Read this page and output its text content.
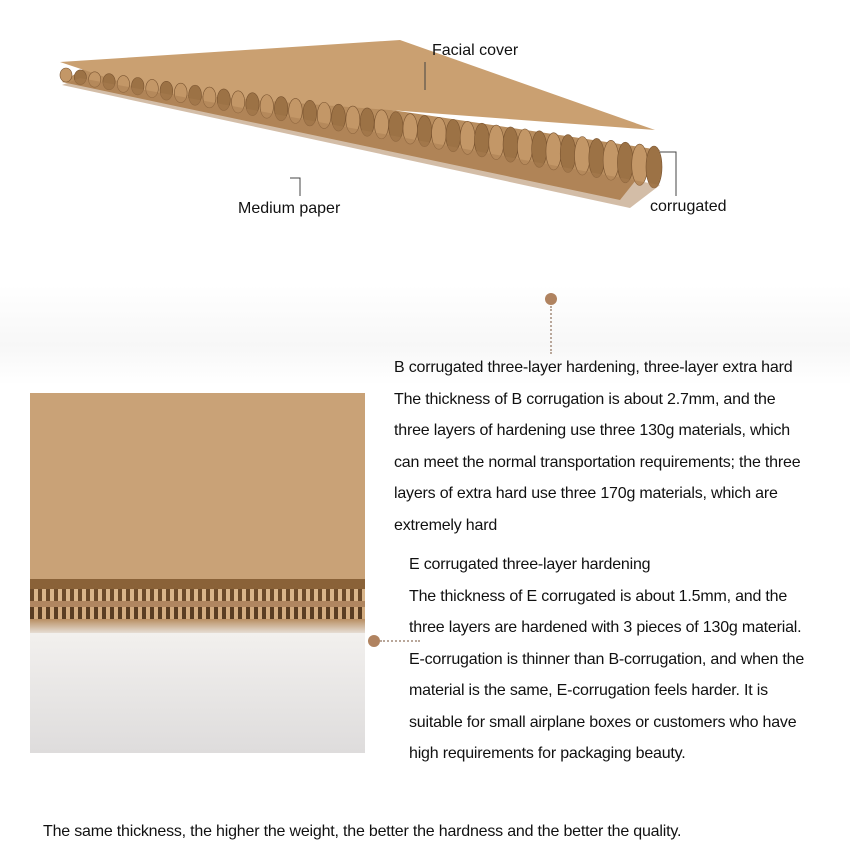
Facial cover
Medium paper	corrugated
B corrugated three-layer hardening, three-layer extra hard
The thickness of B corrugation is about 2.7mm, and the
three layers of hardening use three 130g materials, which
can meet the normal transportation requirements; the three
layers of extra hard use three 170g materials, which are
extremely hard
E corrugated three-layer hardening
The thickness of E corrugated is about 1.5mm, and the
three layers are hardened with 3 pieces of 130g material.
E-corrugation is thinner than B-corrugation, and when the
material is the same, E-corrugation feels harder. It is
suitable for small airplane boxes or customers who have
high requirements for packaging beauty.
The same thickness, the higher the weight, the better the hardness and the better the quality.
